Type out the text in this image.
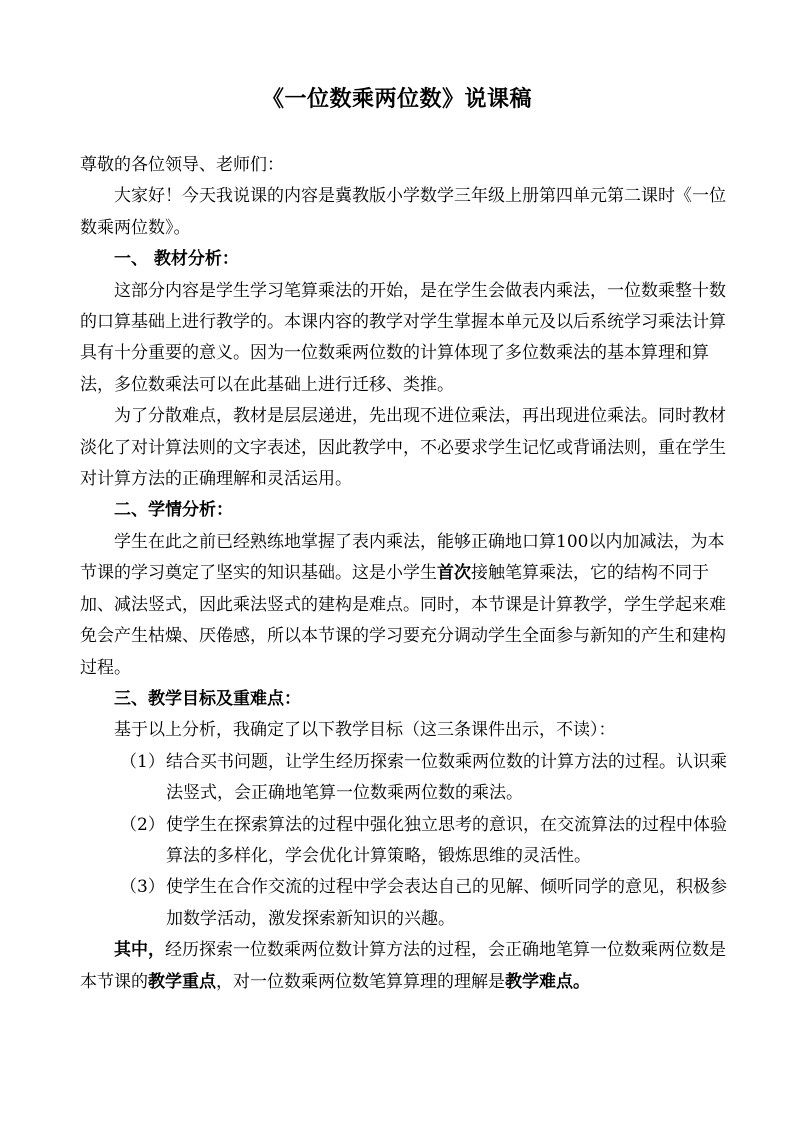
《一位数乘两位数》说课稿

尊敬的各位领导、老师们：

大家好！今天我说课的内容是冀教版小学数学三年级上册第四单元第二课时《一位数乘两位数》。

一、 教材分析：

这部分内容是学生学习笔算乘法的开始，是在学生会做表内乘法，一位数乘整十数的口算基础上进行教学的。本课内容的教学对学生掌握本单元及以后系统学习乘法计算具有十分重要的意义。因为一位数乘两位数的计算体现了多位数乘法的基本算理和算法，多位数乘法可以在此基础上进行迁移、类推。

为了分散难点，教材是层层递进，先出现不进位乘法，再出现进位乘法。同时教材淡化了对计算法则的文字表述，因此教学中，不必要求学生记忆或背诵法则，重在学生对计算方法的正确理解和灵活运用。

二、学情分析：

学生在此之前已经熟练地掌握了表内乘法，能够正确地口算100以内加减法，为本节课的学习奠定了坚实的知识基础。这是小学生首次接触笔算乘法，它的结构不同于加、减法竖式，因此乘法竖式的建构是难点。同时，本节课是计算教学，学生学起来难免会产生枯燥、厌倦感，所以本节课的学习要充分调动学生全面参与新知的产生和建构过程。

三、教学目标及重难点：

基于以上分析，我确定了以下教学目标（这三条课件出示，不读）：

（1） 结合买书问题，让学生经历探索一位数乘两位数的计算方法的过程。认识乘法竖式，会正确地笔算一位数乘两位数的乘法。

（2） 使学生在探索算法的过程中强化独立思考的意识，在交流算法的过程中体验算法的多样化，学会优化计算策略，锻炼思维的灵活性。

（3） 使学生在合作交流的过程中学会表达自己的见解、倾听同学的意见，积极参加数学活动，激发探索新知识的兴趣。

其中，经历探索一位数乘两位数计算方法的过程，会正确地笔算一位数乘两位数是本节课的教学重点，对一位数乘两位数笔算算理的理解是教学难点。
